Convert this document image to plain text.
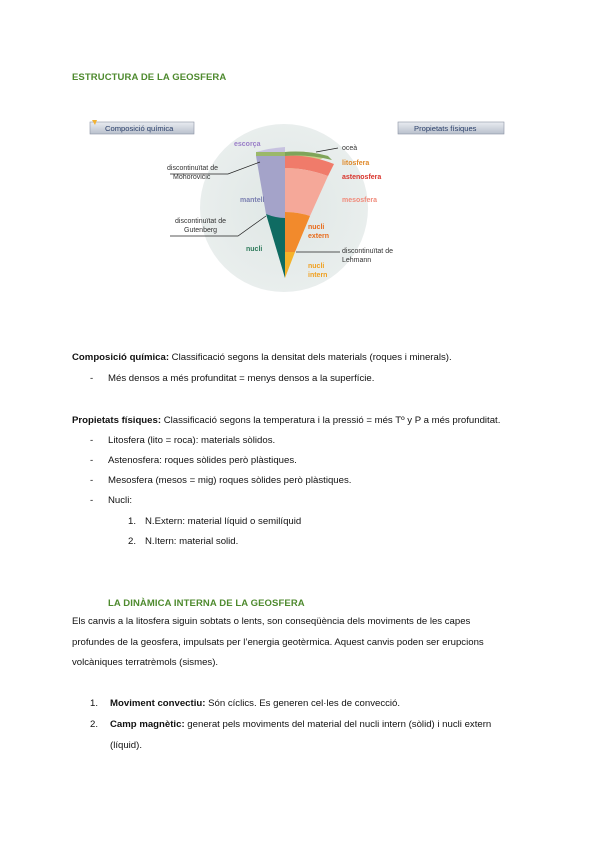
ESTRUCTURA DE LA GEOSFERA
Composició química	Propietats físiques
escorça
oceà
discontinuïtat de
Mohorovičić
litosfera
astenosfera
mantell	mesosfera
discontinuïtat de
Gutenberg
nucli
nucli
extern
discontinuïtat de
Lehmann
nucli
intern
Composició química: Classificació segons la densitat dels materials (roques i minerals).
- Més densos a més profunditat = menys densos a la superfície.
Propietats físiques: Classificació segons la temperatura i la pressió = més Tº y P a més profunditat.
- Litosfera (lito = roca): materials sòlidos.
- Astenosfera: roques sòlides però plàstiques.
- Mesosfera (mesos = mig) roques sòlides però plàstiques.
- Nucli:
1. N.Extern: material líquid o semilíquid
2. N.Itern: material solid.
LA DINÀMICA INTERNA DE LA GEOSFERA
Els canvis a la litosfera siguin sobtats o lents, son conseqüència dels moviments de les capes
profundes de la geosfera, impulsats per l’energia geotèrmica. Aquest canvis poden ser erupcions
volcàniques terratrèmols (sismes).
1. Moviment convectiu: Són cíclics. Es generen cel·les de convecció.
2. Camp magnètic: generat pels moviments del material del nucli intern (sòlid) i nucli extern
(líquid).
